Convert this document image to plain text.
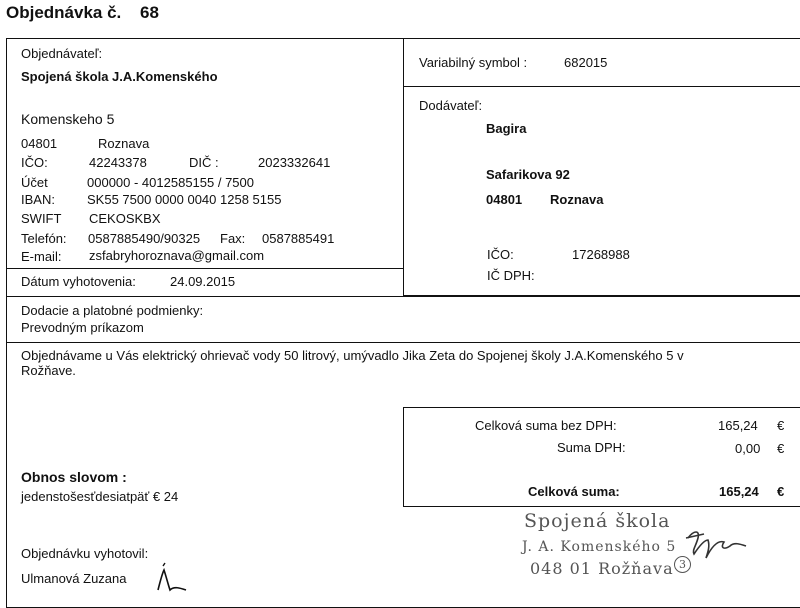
Objednávka č. 68
Objednávateľ:
Spojená škola J.A.Komenského
Komenskeho 5
04801	Roznava
IČO:	42243378	DIČ :	2023332641
Účet	000000 - 4012585155 / 7500
IBAN: SK55 7500 0000 0040 1258 5155
SWIFT CEKOSKBX
Telefón: 0587885490/90325 Fax: 0587885491
E-mail: zsfabryhoroznava@gmail.com
Dátum vyhotovenia:	24.09.2015
Variabilný symbol :	682015
Dodávateľ:
Bagira
Safarikova 92
04801 Roznava
IČO:	17268988
IČ DPH:
Dodacie a platobné podmienky:
Prevodným príkazom
Objednávame u Vás elektrický ohrievač vody 50 litrový, umývadlo Jika Zeta do Spojenej školy J.A.Komenského 5 v
Rožňave.
Celková suma bez DPH:	165,24 €
Suma DPH:	0,00 €
Celková suma:	165,24 €
Obnos slovom :
jedenstošesťdesiatpäť € 24
Objednávku vyhotovil:
Ulmanová Zuzana
Spojená škola
J. A. Komenského 5
048 01 Rožňava 3
